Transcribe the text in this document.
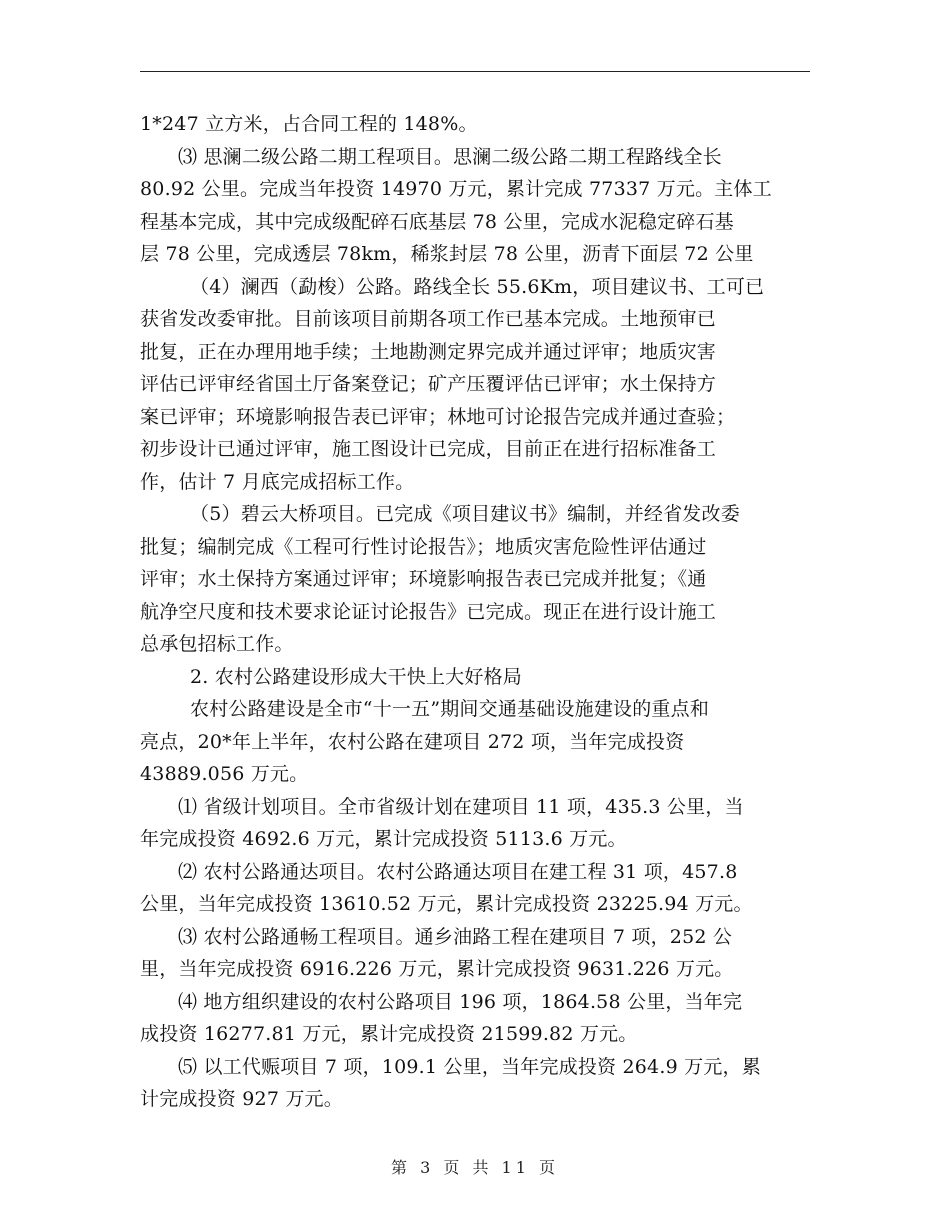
1*247 立方米，占合同工程的 148%。
⑶ 思澜二级公路二期工程项目。思澜二级公路二期工程路线全长
80.92 公里。完成当年投资 14970 万元，累计完成 77337 万元。主体工
程基本完成，其中完成级配碎石底基层 78 公里，完成水泥稳定碎石基
层 78 公里，完成透层 78km，稀浆封层 78 公里，沥青下面层 72 公里
（4）澜西（勐梭）公路。路线全长 55.6Km，项目建议书、工可已
获省发改委审批。目前该项目前期各项工作已基本完成。土地预审已
批复，正在办理用地手续；土地勘测定界完成并通过评审；地质灾害
评估已评审经省国土厅备案登记；矿产压覆评估已评审；水土保持方
案已评审；环境影响报告表已评审；林地可讨论报告完成并通过查验；
初步设计已通过评审，施工图设计已完成，目前正在进行招标准备工
作，估计 7 月底完成招标工作。
（5）碧云大桥项目。已完成《项目建议书》编制，并经省发改委
批复；编制完成《工程可行性讨论报告》；地质灾害危险性评估通过
评审；水土保持方案通过评审；环境影响报告表已完成并批复；《通
航净空尺度和技术要求论证讨论报告》已完成。现正在进行设计施工
总承包招标工作。
2. 农村公路建设形成大干快上大好格局
农村公路建设是全市“十一五”期间交通基础设施建设的重点和
亮点，20*年上半年，农村公路在建项目 272 项，当年完成投资
43889.056 万元。
⑴ 省级计划项目。全市省级计划在建项目 11 项，435.3 公里，当
年完成投资 4692.6 万元，累计完成投资 5113.6 万元。
⑵ 农村公路通达项目。农村公路通达项目在建工程 31 项，457.8
公里，当年完成投资 13610.52 万元，累计完成投资 23225.94 万元。
⑶ 农村公路通畅工程项目。通乡油路工程在建项目 7 项，252 公
里，当年完成投资 6916.226 万元，累计完成投资 9631.226 万元。
⑷ 地方组织建设的农村公路项目 196 项，1864.58 公里，当年完
成投资 16277.81 万元，累计完成投资 21599.82 万元。
⑸ 以工代赈项目 7 项，109.1 公里，当年完成投资 264.9 万元，累
计完成投资 927 万元。
第 3 页 共 11 页
